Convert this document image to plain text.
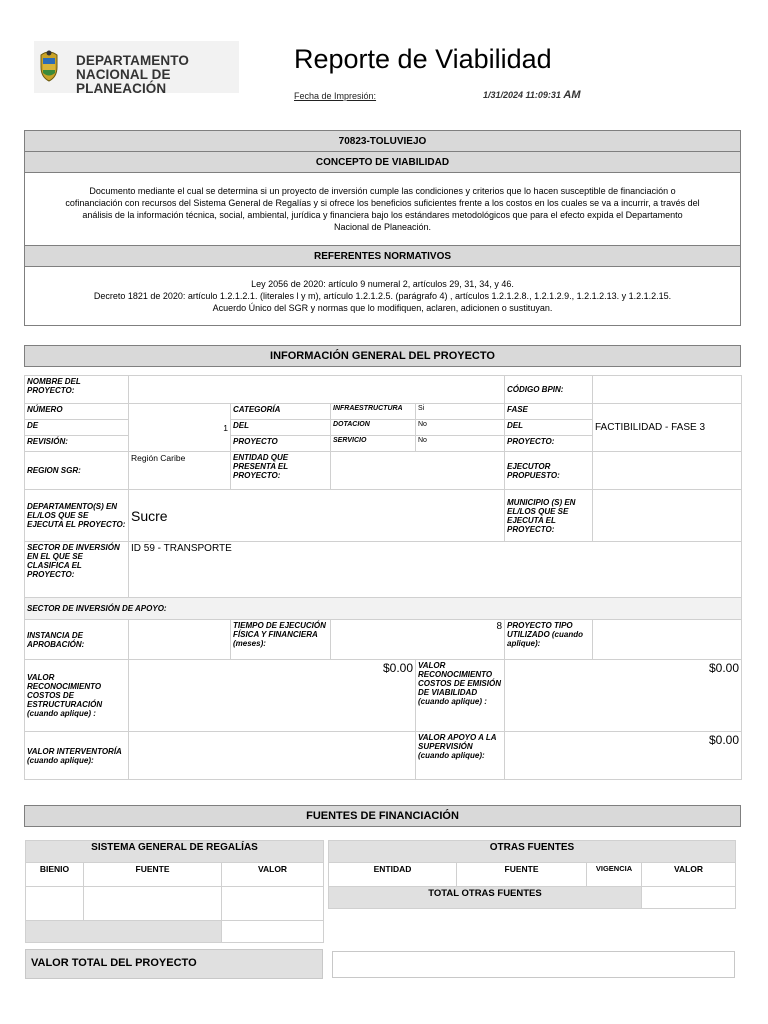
DEPARTAMENTO
NACIONAL DE PLANEACIÓN
Reporte de Viabilidad
Fecha de Impresión:	1/31/2024 11:09:31 AM
70823-TOLUVIEJO
CONCEPTO DE VIABILIDAD
Documento mediante el cual se determina si un proyecto de inversión cumple las condiciones y criterios que lo hacen susceptible de financiación o
cofinanciación con recursos del Sistema General de Regalías y si ofrece los beneficios suficientes frente a los costos en los cuales se va a incurrir, a través del
análisis de la información técnica, social, ambiental, jurídica y financiera bajo los estándares metodológicos que para el efecto expida el Departamento
Nacional de Planeación.
REFERENTES NORMATIVOS
Ley 2056 de 2020: artículo 9 numeral 2, artículos 29, 31, 34, y 46.
Decreto 1821 de 2020: artículo 1.2.1.2.1. (literales l y m), artículo 1.2.1.2.5. (parágrafo 4) , artículos 1.2.1.2.8., 1.2.1.2.9., 1.2.1.2.13. y 1.2.1.2.15.
Acuerdo Único del SGR y normas que lo modifiquen, aclaren, adicionen o sustituyan.
INFORMACIÓN GENERAL DEL PROYECTO
NOMBRE DEL PROYECTO:					CÓDIGO BPIN:	
NÚMERO	1	CATEGORÍA	INFRAESTRUCTURA	Si	FASE	FACTIBILIDAD - FASE 3
DE		DEL	DOTACION	No	DEL	
REVISIÓN:		PROYECTO	SERVICIO	No	PROYECTO:	
REGION SGR:	Región Caribe	ENTIDAD QUE PRESENTA EL PROYECTO:			EJECUTOR PROPUESTO:	
DEPARTAMENTO(S) EN EL/LOS QUE SE EJECUTA EL PROYECTO:	Sucre				MUNICIPIO (S) EN EL/LOS QUE SE EJECUTA EL PROYECTO:	
SECTOR DE INVERSIÓN EN EL QUE SE CLASIFICA EL PROYECTO:	ID 59 - TRANSPORTE					
SECTOR DE INVERSIÓN DE APOYO:						
INSTANCIA DE APROBACIÓN:		TIEMPO DE EJECUCIÓN FÍSICA Y FINANCIERA (meses):	8		PROYECTO TIPO UTILIZADO (cuando aplique):	
VALOR RECONOCIMIENTO COSTOS DE ESTRUCTURACIÓN (cuando aplique) :	$0.00			VALOR RECONOCIMIENTO COSTOS DE EMISIÓN DE VIABILIDAD (cuando aplique) :	$0.00	
VALOR INTERVENTORÍA (cuando aplique):				VALOR APOYO A LA SUPERVISIÓN (cuando aplique):	$0.00	
FUENTES DE FINANCIACIÓN
SISTEMA GENERAL DE REGALÍAS		
BIENIO	FUENTE	VALOR

OTRAS FUENTES			
ENTIDAD	FUENTE	VIGENCIA	VALOR
TOTAL OTRAS FUENTES			
VALOR TOTAL DEL PROYECTO
